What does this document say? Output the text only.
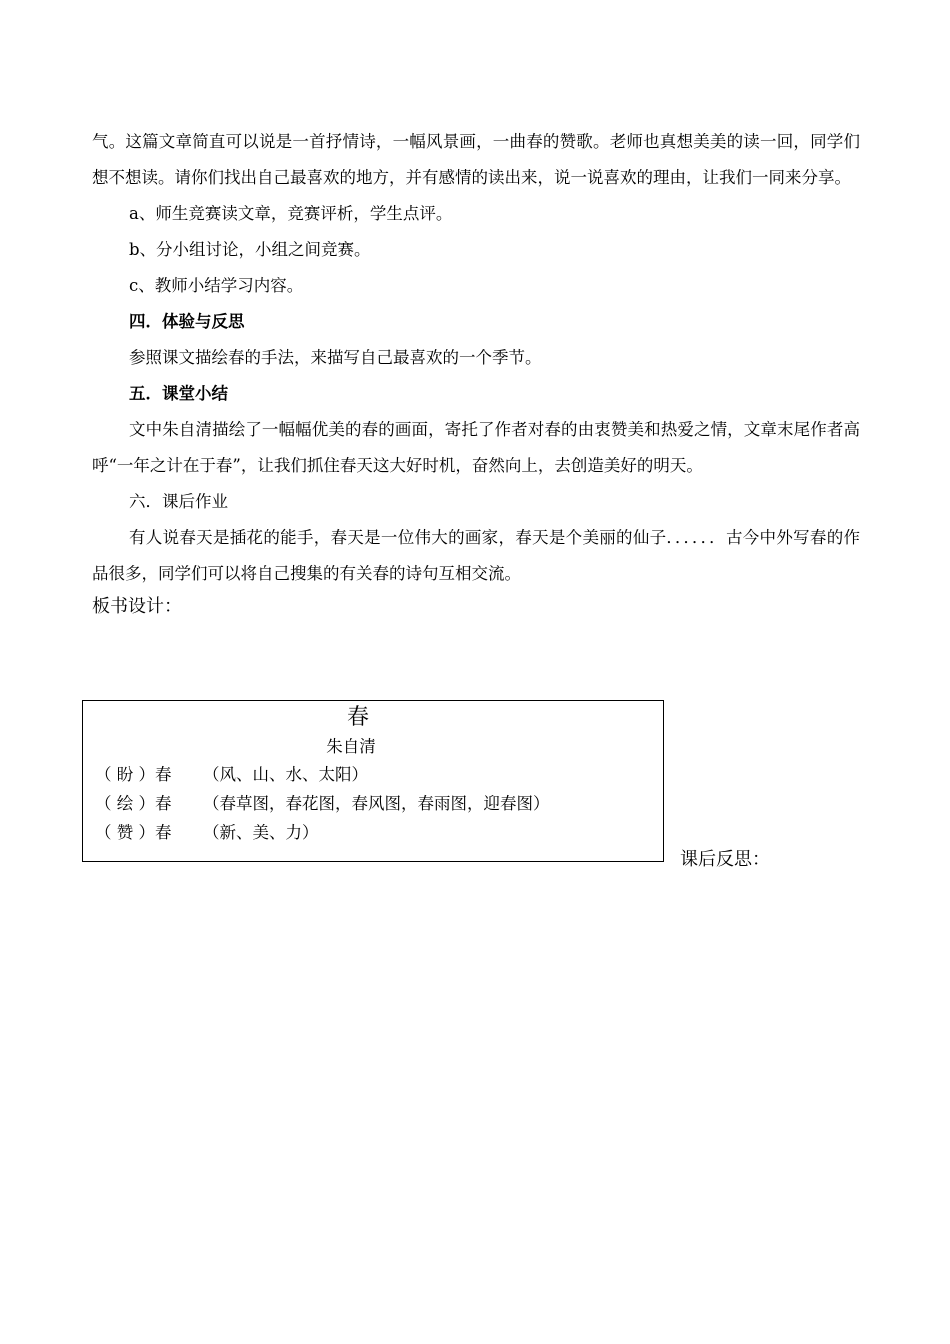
气。这篇文章简直可以说是一首抒情诗，一幅风景画，一曲春的赞歌。老师也真想美美的读一回，同学们想不想读。请你们找出自己最喜欢的地方，并有感情的读出来，说一说喜欢的理由，让我们一同来分享。

a、师生竞赛读文章，竞赛评析，学生点评。

b、分小组讨论，小组之间竞赛。

c、教师小结学习内容。

四．体验与反思

参照课文描绘春的手法，来描写自己最喜欢的一个季节。

五．课堂小结

文中朱自清描绘了一幅幅优美的春的画面，寄托了作者对春的由衷赞美和热爱之情，文章末尾作者高呼“一年之计在于春”，让我们抓住春天这大好时机，奋然向上，去创造美好的明天。

六．课后作业

有人说春天是插花的能手，春天是一位伟大的画家，春天是个美丽的仙子．．．．．．古今中外写春的作品很多，同学们可以将自己搜集的有关春的诗句互相交流。

板书设计：

春
朱自清
（ 盼 ）春 （风、山、水、太阳）
（ 绘 ）春 （春草图，春花图，春风图，春雨图，迎春图）
（ 赞 ）春 （新、美、力）
课后反思：
